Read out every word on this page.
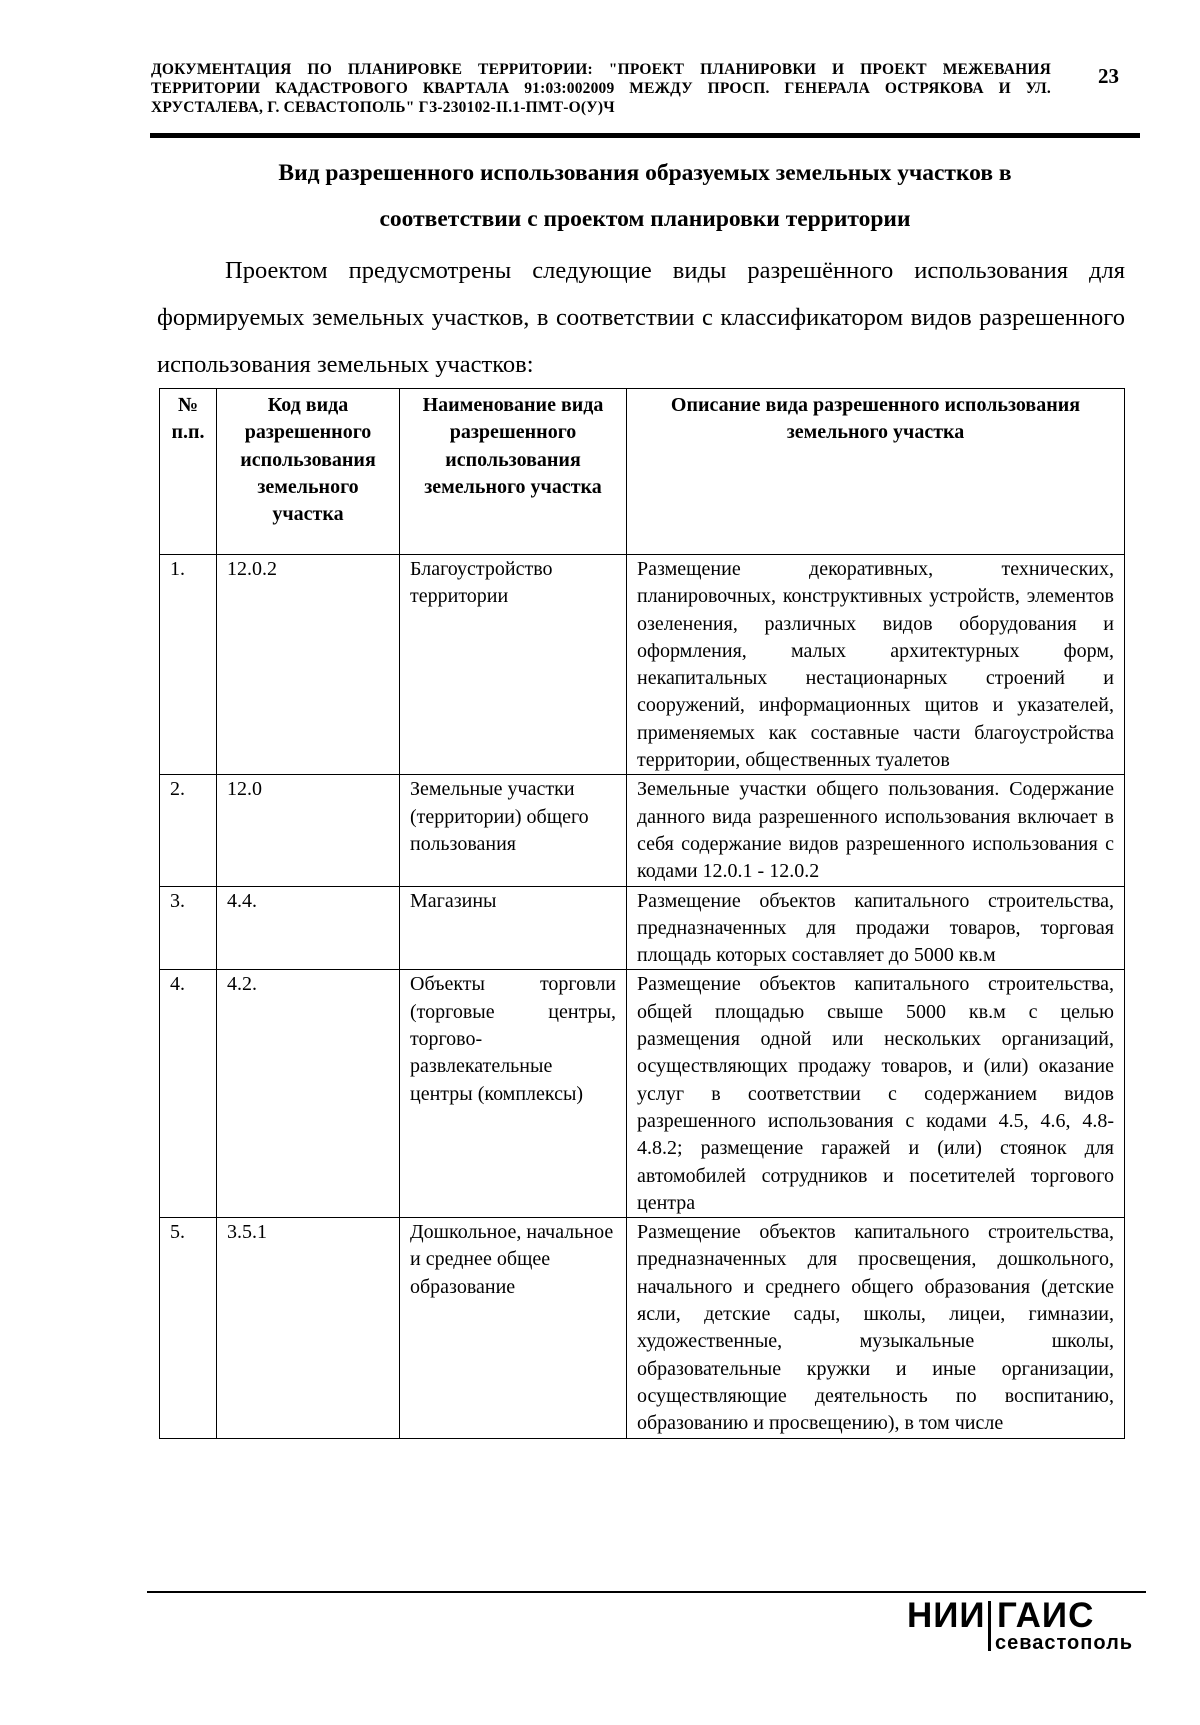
ДОКУМЕНТАЦИЯ ПО ПЛАНИРОВКЕ ТЕРРИТОРИИ: "ПРОЕКТ ПЛАНИРОВКИ И ПРОЕКТ МЕЖЕВАНИЯ ТЕРРИТОРИИ КАДАСТРОВОГО КВАРТАЛА 91:03:002009 МЕЖДУ ПРОСП. ГЕНЕРАЛА ОСТРЯКОВА И УЛ. ХРУСТАЛЕВА, Г. СЕВАСТОПОЛЬ" ГЗ-230102-II.1-ПМТ-О(У)Ч
23
Вид разрешенного использования образуемых земельных участков в
соответствии с проектом планировки территории
Проектом предусмотрены следующие виды разрешённого использования для формируемых земельных участков, в соответствии с классификатором видов разрешенного использования земельных участков:
№ п.п.	Код вида разрешенного использования земельного участка	Наименование вида разрешенного использования земельного участка	Описание вида разрешенного использования земельного участка
1.	12.0.2	Благоустройство территории	Размещение декоративных, технических, планировочных, конструктивных устройств, элементов озеленения, различных видов оборудования и оформления, малых архитектурных форм, некапитальных нестационарных строений и сооружений, информационных щитов и указателей, применяемых как составные части благоустройства территории, общественных туалетов
2.	12.0	Земельные участки (территории) общего пользования	Земельные участки общего пользования. Содержание данного вида разрешенного использования включает в себя содержание видов разрешенного использования с кодами 12.0.1 - 12.0.2
3.	4.4.	Магазины	Размещение объектов капитального строительства, предназначенных для продажи товаров, торговая площадь которых составляет до 5000 кв.м
4.	4.2.	Объекты торговли (торговые центры, торгово-развлекательные центры (комплексы)	Размещение объектов капитального строительства, общей площадью свыше 5000 кв.м с целью размещения одной или нескольких организаций, осуществляющих продажу товаров, и (или) оказание услуг в соответствии с содержанием видов разрешенного использования с кодами 4.5, 4.6, 4.8-4.8.2; размещение гаражей и (или) стоянок для автомобилей сотрудников и посетителей торгового центра
5.	3.5.1	Дошкольное, начальное и среднее общее образование	Размещение объектов капитального строительства, предназначенных для просвещения, дошкольного, начального и среднего общего образования (детские ясли, детские сады, школы, лицеи, гимназии, художественные, музыкальные школы, образовательные кружки и иные организации, осуществляющие деятельность по воспитанию, образованию и просвещению), в том числе
НИИ ГАИС
севастополь
